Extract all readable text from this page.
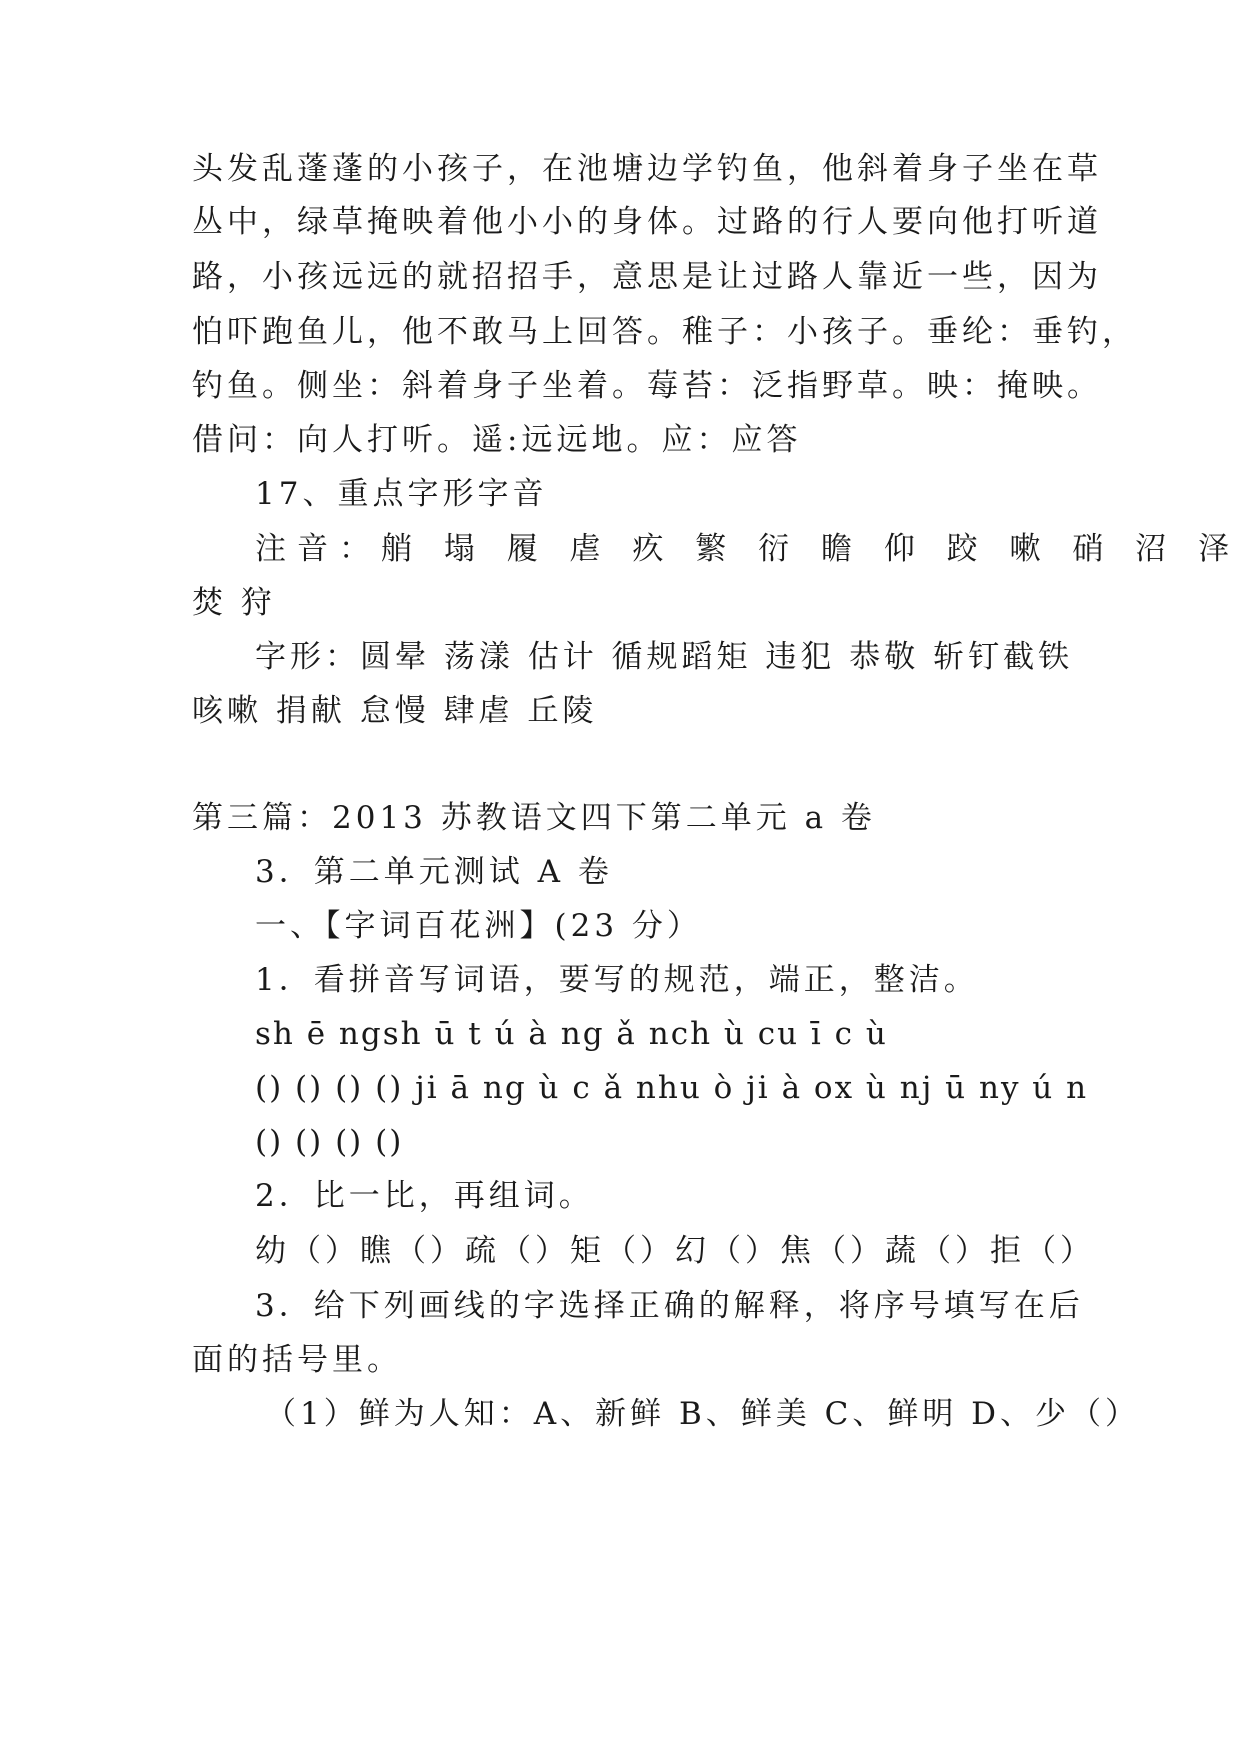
头发乱蓬蓬的小孩子，在池塘边学钓鱼，他斜着身子坐在草
丛中，绿草掩映着他小小的身体。过路的行人要向他打听道
路，小孩远远的就招招手，意思是让过路人靠近一些，因为
怕吓跑鱼儿，他不敢马上回答。稚子：小孩子。垂纶：垂钓，
钓鱼。侧坐：斜着身子坐着。莓苔：泛指野草。映：掩映。
借问：向人打听。遥:远远地。应：应答
17、重点字形字音
注音：艄 塌 履 虐 疚 繁 衍 瞻 仰 跤 嗽 硝 沼 泽
焚 狩
字形：圆晕 荡漾 估计 循规蹈矩 违犯 恭敬 斩钉截铁
咳嗽 捐献 怠慢 肆虐 丘陵
第三篇：2013 苏教语文四下第二单元 a 卷
3．第二单元测试 A 卷
一、【字词百花洲】(23 分）
1．看拼音写词语，要写的规范，端正，整洁。
sh ē ngsh ū t ú à ng ǎ nch ù cu ī c ù
() () () () ji ā ng ù c ǎ nhu ò ji à ox ù nj ū ny ú n
() () () ()
2．比一比，再组词。
幼（）瞧（）疏（）矩（）幻（）焦（）蔬（）拒（）
3．给下列画线的字选择正确的解释，将序号填写在后
面的括号里。
（1）鲜为人知：A、新鲜 B、鲜美 C、鲜明 D、少（）
